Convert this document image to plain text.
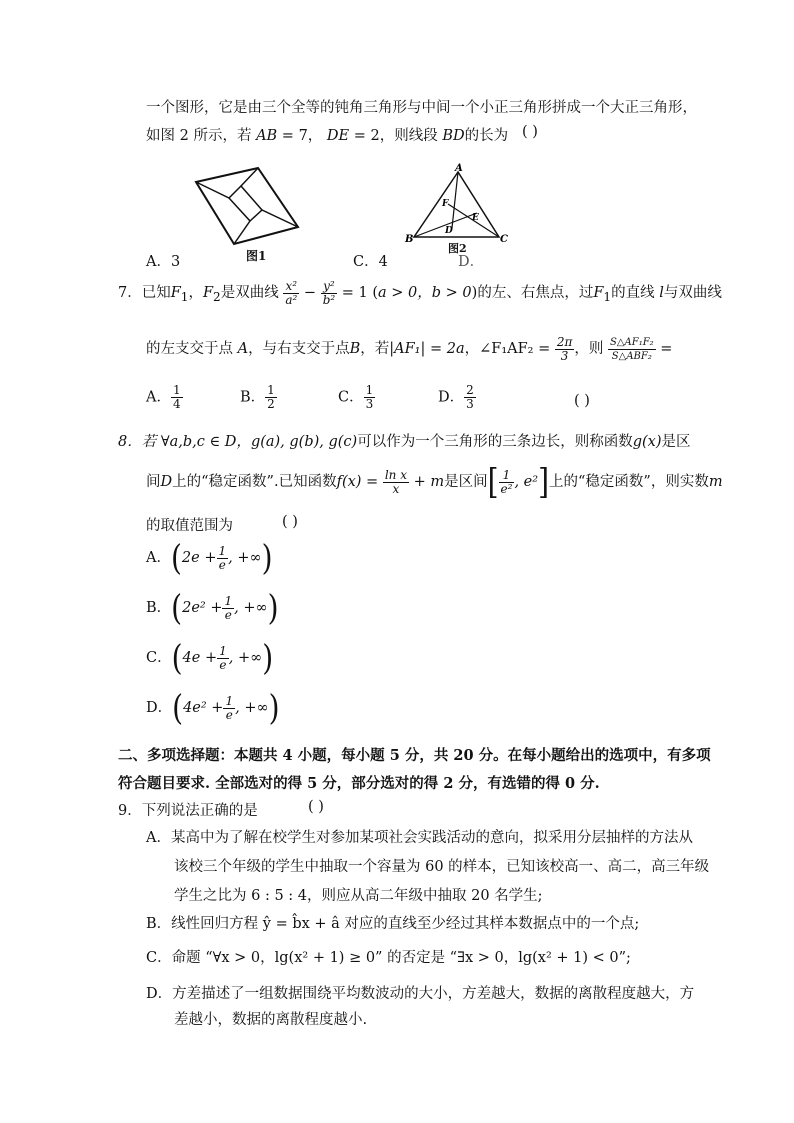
一个图形，它是由三个全等的钝角三角形与中间一个小正三角形拼成一个大正三角形，
如图 2 所示，若 AB = 7， DE = 2，则线段 BD的长为 ( )
图1
A
B	C
D
E
F
图2
A．3	C．4	D．
7．已知$F_1$，$F_2$是双曲线 $\frac{\text{x²}}{\text{a²}} - \frac{\text{y²}}{\text{b²}} = 1$ (a > 0，b > 0)的左、右焦点，过$F_1$的直线 l与双曲线
的左支交于点 A，与右支交于点B，若|AF₁| = 2a，∠F₁AF₂ = $\frac{2\pi}{3}$ ，则 $\frac{\text{S△AF₁F₂}}{\text{S△ABF₂}}$ =
A． $\frac{1}{4}$	B． $\frac{1}{2}$	C． $\frac{1}{3}$	D． $\frac{2}{3}$	( )
8．若 ∀a,b,c ∈ D，g(a), g(b), g(c)可以作为一个三角形的三条边长，则称函数g(x)是区
间D上的“稳定函数”.已知函数$f(x) = \frac{\text{ln x}}{x} + m$是区间[ $\frac{1}{\text{e²}}$ , e²]上的“稳定函数”，则实数m
的取值范围为	( )
A．($2e + \frac{1}{e}$ , +∞)
B．($2e^2 + \frac{1}{e}$ , +∞)
C．($4e + \frac{1}{e}$ , +∞)
D．($4e^2 + \frac{1}{e}$ , +∞)
二、多项选择题：本题共 4 小题，每小题 5 分，共 20 分。在每小题给出的选项中，有多项
符合题目要求. 全部选对的得 5 分，部分选对的得 2 分，有选错的得 0 分.
9．下列说法正确的是	( )
A．某高中为了解在校学生对参加某项社会实践活动的意向，拟采用分层抽样的方法从
该校三个年级的学生中抽取一个容量为 60 的样本，已知该校高一、高二，高三年级
学生之比为 6 : 5 : 4，则应从高二年级中抽取 20 名学生;
B．线性回归方程 ŷ = b̂x + â 对应的直线至少经过其样本数据点中的一个点;
C．命题 “∀x > 0，lg(x² + 1) ≥ 0” 的否定是 “∃x > 0，lg(x² + 1) < 0”;
D．方差描述了一组数据围绕平均数波动的大小，方差越大，数据的离散程度越大，方
差越小，数据的离散程度越小.
